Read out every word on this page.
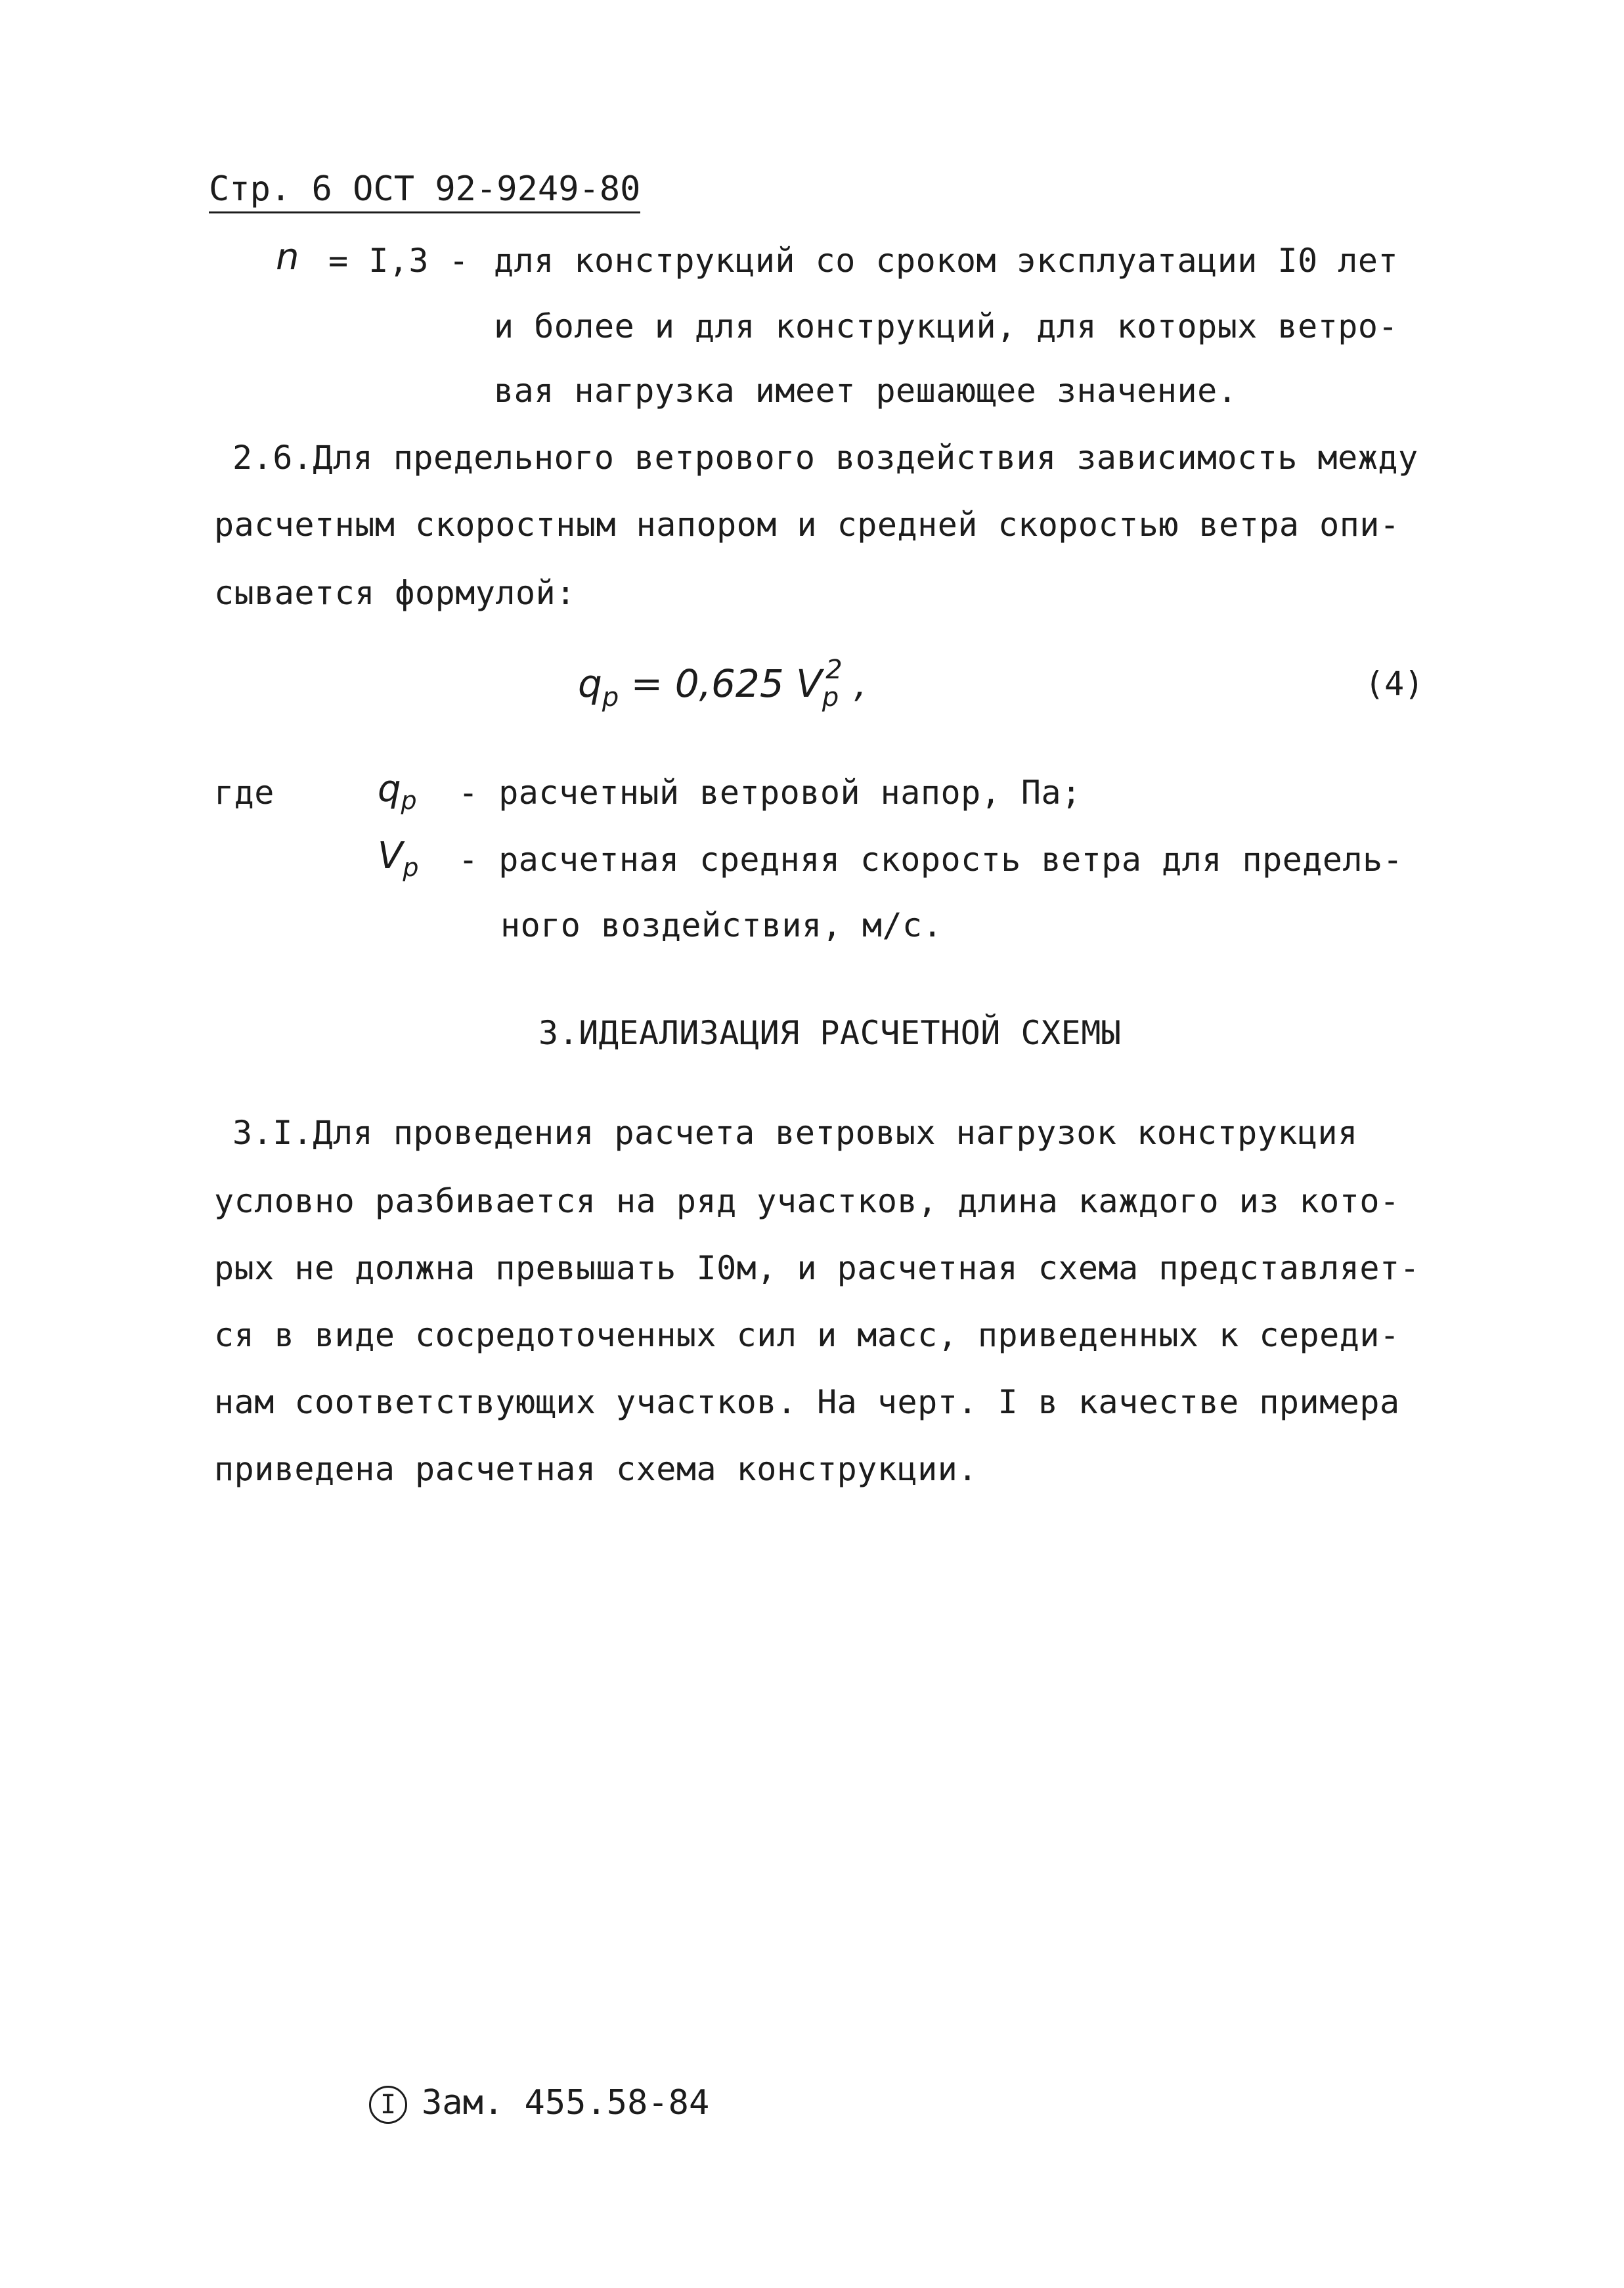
Стр. 6 ОСТ 92-9249-80
n = I,3 - для конструкций со сроком эксплуатации I0 лет
и более и для конструкций, для которых ветро-
вая нагрузка имеет решающее значение.
2.6.Для предельного ветрового воздействия зависимость между
расчетным скоростным напором и средней скоростью ветра опи-
сывается формулой:
$q_p = 0,625$ $V_p^2$ ,	(4)
где	$q_p$ - расчетный ветровой напор, Па;
$V_p$ - расчетная средняя скорость ветра для предель-
ного воздействия, м/с.
3.ИДЕАЛИЗАЦИЯ РАСЧЕТНОЙ СХЕМЫ
3.I.Для проведения расчета ветровых нагрузок конструкция
условно разбивается на ряд участков, длина каждого из кото-
рых не должна превышать I0м, и расчетная схема представляет-
ся в виде сосредоточенных сил и масс, приведенных к середи-
нам соответствующих участков. На черт. I в качестве примера
приведена расчетная схема конструкции.
I Зам. 455.58-84
